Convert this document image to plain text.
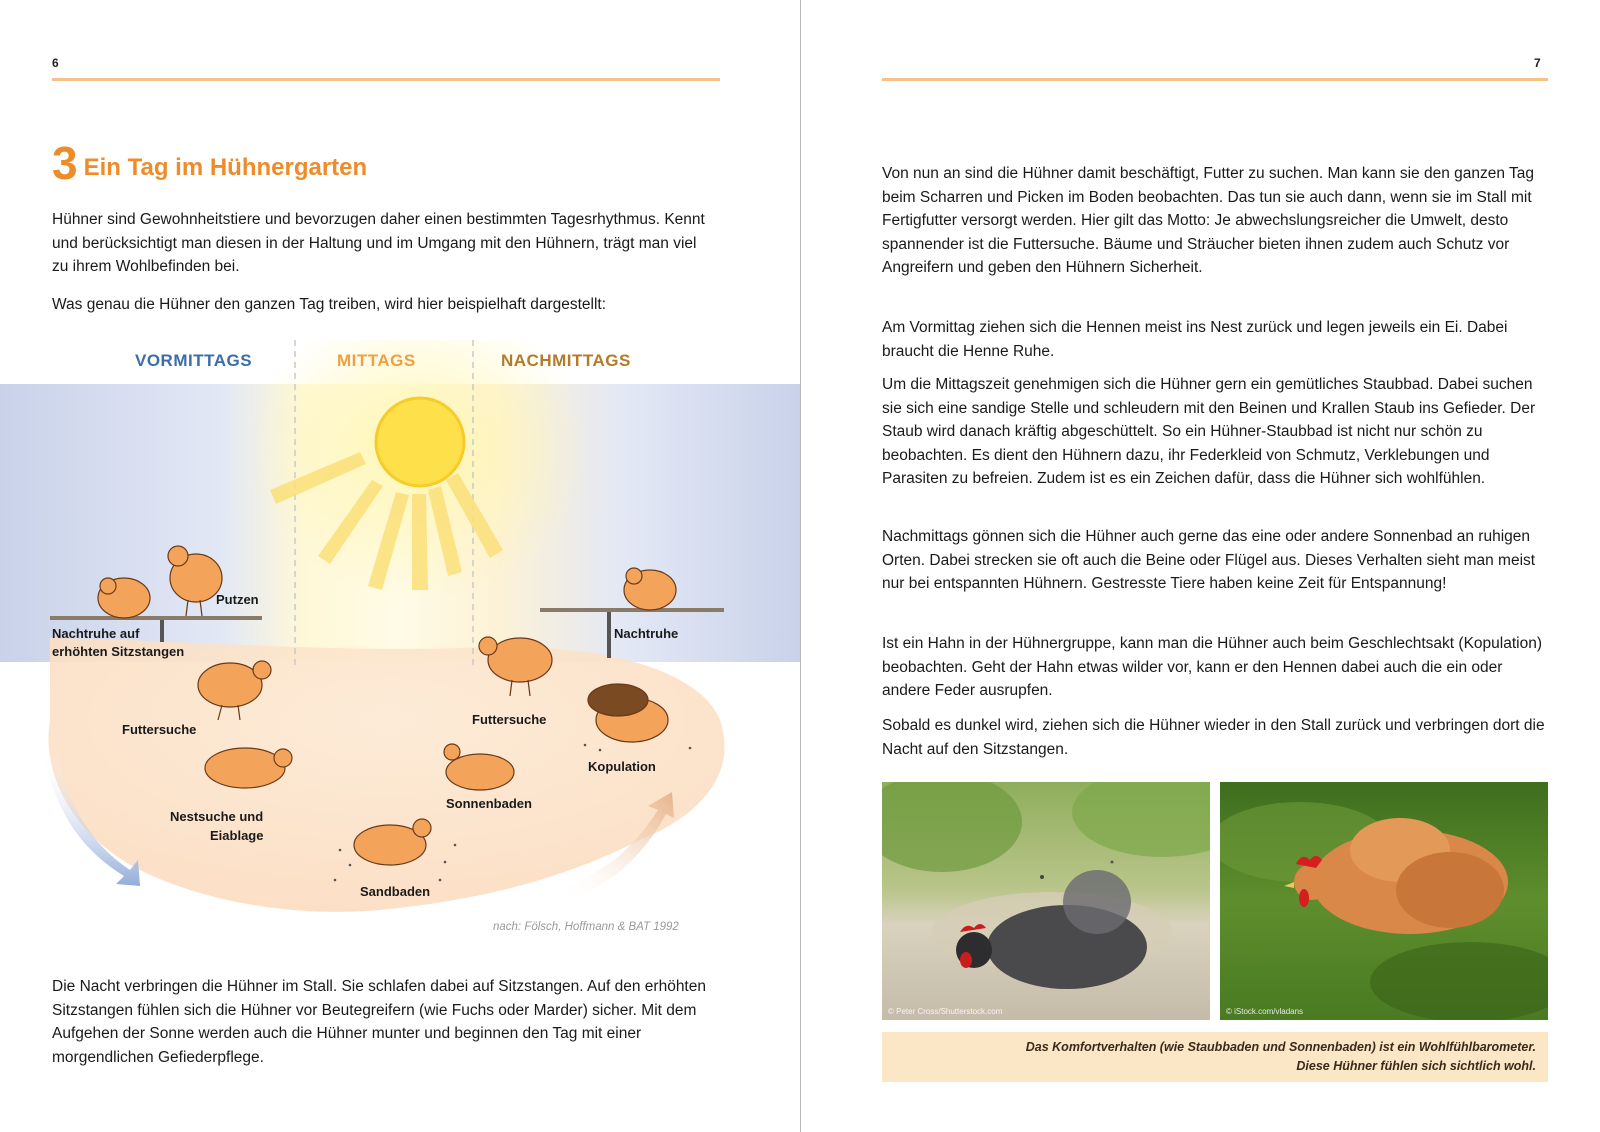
6
3 Ein Tag im Hühnergarten

Hühner sind Gewohnheitstiere und bevorzugen daher einen bestimmten Tagesrhythmus. Kennt und berücksichtigt man diesen in der Haltung und im Umgang mit den Hühnern, trägt man viel zu ihrem Wohlbefinden bei.

Was genau die Hühner den ganzen Tag treiben, wird hier beispielhaft dargestellt:

VORMITTAGS	MITTAGS	NACHMITTAGS
Putzen
Nachtruhe auf
erhöhten Sitzstangen
Futtersuche
Nestsuche und
Eiablage
Sandbaden
Sonnenbaden
Futtersuche
Kopulation
Nachtruhe
nach: Fölsch, Hoffmann & BAT 1992

Die Nacht verbringen die Hühner im Stall. Sie schlafen dabei auf Sitzstangen. Auf den erhöhten Sitzstangen fühlen sich die Hühner vor Beutegreifern (wie Fuchs oder Marder) sicher. Mit dem Aufgehen der Sonne werden auch die Hühner munter und beginnen den Tag mit einer morgendlichen Gefiederpflege.

7

Von nun an sind die Hühner damit beschäftigt, Futter zu suchen. Man kann sie den ganzen Tag beim Scharren und Picken im Boden beobachten. Das tun sie auch dann, wenn sie im Stall mit Fertigfutter versorgt werden. Hier gilt das Motto: Je abwechslungsreicher die Umwelt, desto spannender ist die Futtersuche. Bäume und Sträucher bieten ihnen zudem auch Schutz vor Angreifern und geben den Hühnern Sicherheit.

Am Vormittag ziehen sich die Hennen meist ins Nest zurück und legen jeweils ein Ei. Dabei braucht die Henne Ruhe.

Um die Mittagszeit genehmigen sich die Hühner gern ein gemütliches Staubbad. Dabei suchen sie sich eine sandige Stelle und schleudern mit den Beinen und Krallen Staub ins Gefieder. Der Staub wird danach kräftig abgeschüttelt. So ein Hühner-Staubbad ist nicht nur schön zu beobachten. Es dient den Hühnern dazu, ihr Federkleid von Schmutz, Verklebungen und Parasiten zu befreien. Zudem ist es ein Zeichen dafür, dass die Hühner sich wohlfühlen.

Nachmittags gönnen sich die Hühner auch gerne das eine oder andere Sonnenbad an ruhigen Orten. Dabei strecken sie oft auch die Beine oder Flügel aus. Dieses Verhalten sieht man meist nur bei entspannten Hühnern. Gestresste Tiere haben keine Zeit für Entspannung!

Ist ein Hahn in der Hühnergruppe, kann man die Hühner auch beim Geschlechtsakt (Kopulation) beobachten. Geht der Hahn etwas wilder vor, kann er den Hennen dabei auch die ein oder andere Feder ausrupfen.

Sobald es dunkel wird, ziehen sich die Hühner wieder in den Stall zurück und verbringen dort die Nacht auf den Sitzstangen.

© Peter Cross/Shutterstock.com	© iStock.com/vladans
Das Komfortverhalten (wie Staubbaden und Sonnenbaden) ist ein Wohlfühlbarometer.
Diese Hühner fühlen sich sichtlich wohl.
